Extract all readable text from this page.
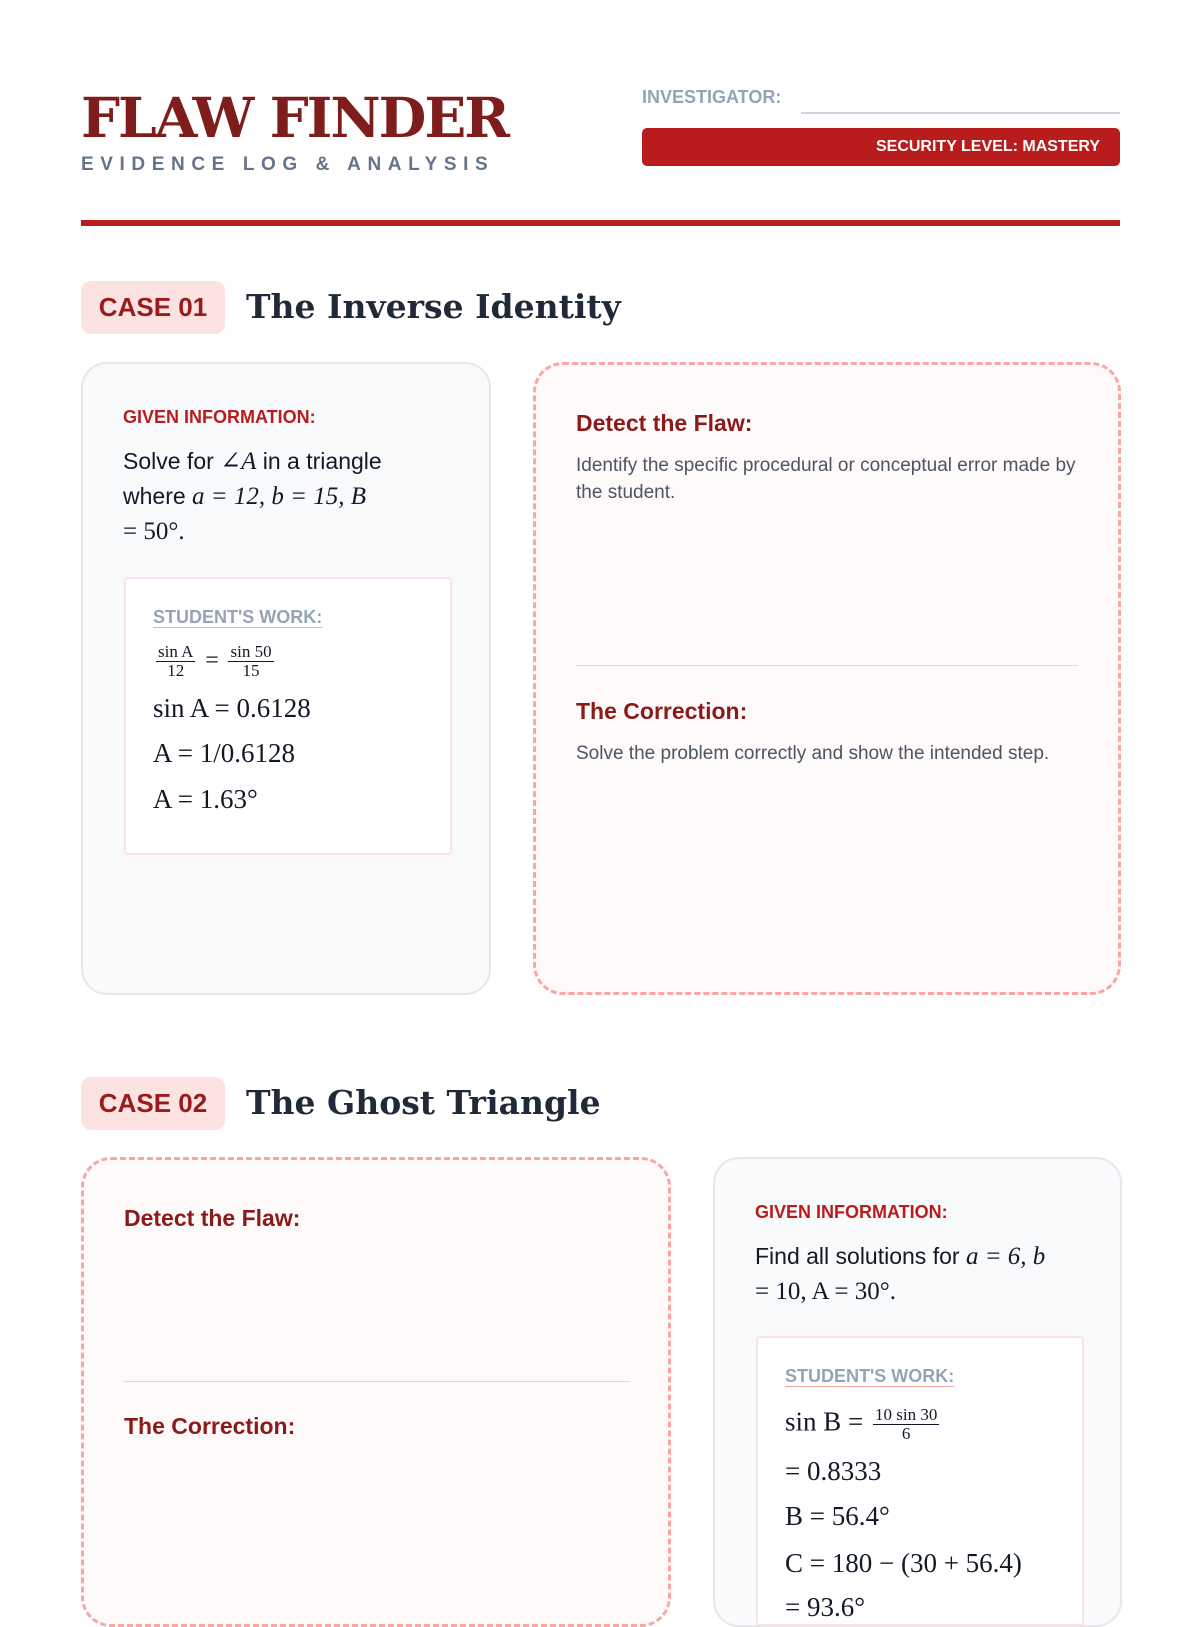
FLAW FINDER
EVIDENCE LOG & ANALYSIS
INVESTIGATOR:
SECURITY LEVEL: MASTERY
CASE 01	The Inverse Identity
GIVEN INFORMATION:
Solve for ∠A in a triangle
where a = 12, b = 15, B
= 50°.
STUDENT'S WORK:
$\frac{\text{sin A}}{12} = \frac{\sin 50}{15}$
sin A = 0.6128
A = 1/0.6128
A = 1.63°
Detect the Flaw:
Identify the specific procedural or conceptual error made by the student.
The Correction:
Solve the problem correctly and show the intended step.
CASE 02	The Ghost Triangle
Detect the Flaw:
The Correction:
GIVEN INFORMATION:
Find all solutions for a = 6, b
= 10, A = 30°.
STUDENT'S WORK:
$\sin B = \frac{10 \sin 30}{6}$
= 0.8333
B = 56.4°
C = 180 − (30 + 56.4)
= 93.6°
